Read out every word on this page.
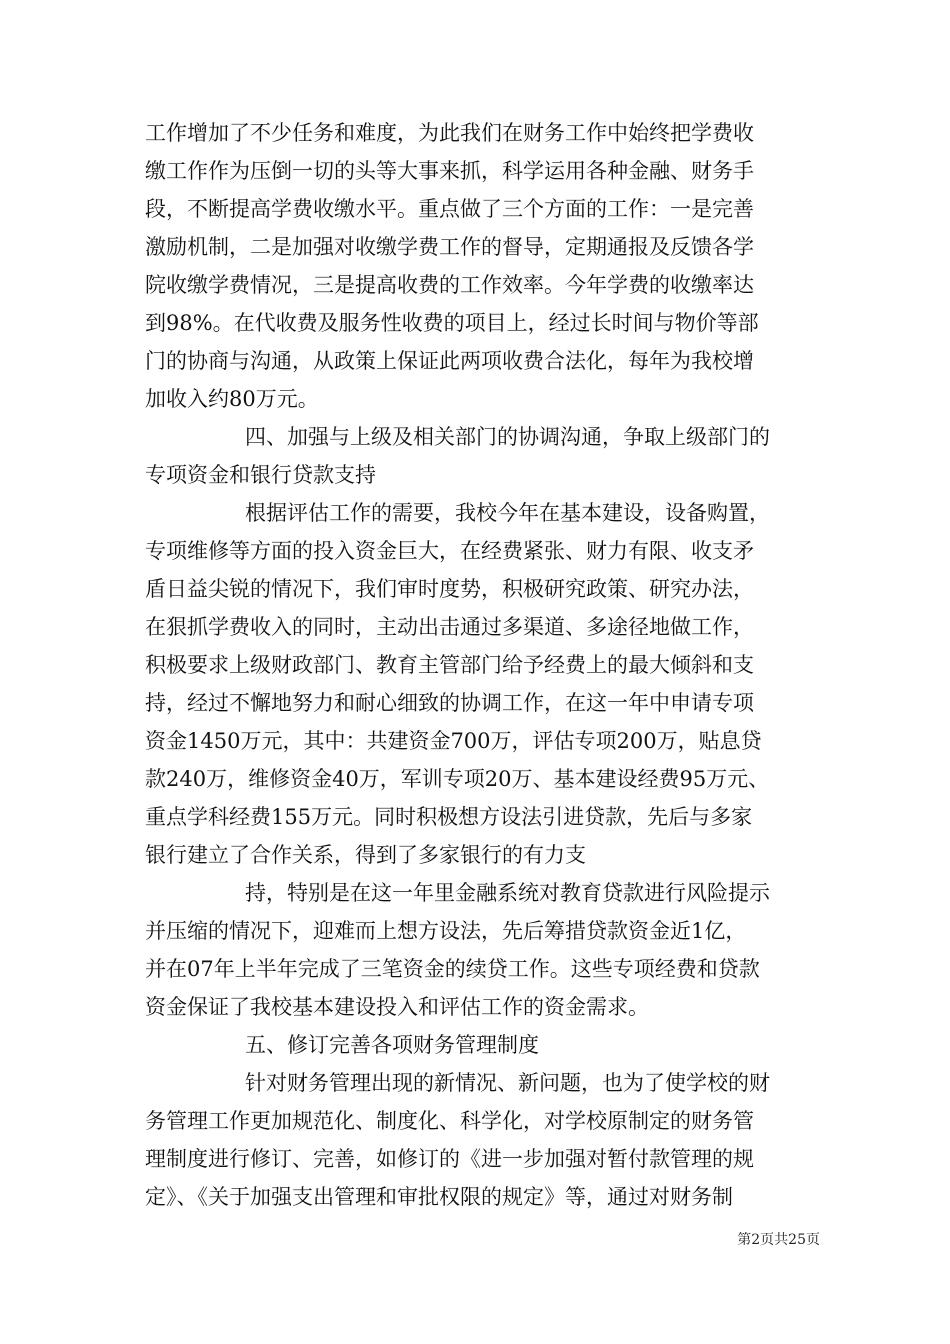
工作增加了不少任务和难度，为此我们在财务工作中始终把学费收
缴工作作为压倒一切的头等大事来抓，科学运用各种金融、财务手
段，不断提高学费收缴水平。重点做了三个方面的工作：一是完善
激励机制，二是加强对收缴学费工作的督导，定期通报及反馈各学
院收缴学费情况，三是提高收费的工作效率。今年学费的收缴率达
到98%。在代收费及服务性收费的项目上，经过长时间与物价等部
门的协商与沟通，从政策上保证此两项收费合法化，每年为我校增
加收入约80万元。
四、加强与上级及相关部门的协调沟通，争取上级部门的
专项资金和银行贷款支持
根据评估工作的需要，我校今年在基本建设，设备购置，
专项维修等方面的投入资金巨大，在经费紧张、财力有限、收支矛
盾日益尖锐的情况下，我们审时度势，积极研究政策、研究办法，
在狠抓学费收入的同时，主动出击通过多渠道、多途径地做工作，
积极要求上级财政部门、教育主管部门给予经费上的最大倾斜和支
持，经过不懈地努力和耐心细致的协调工作，在这一年中申请专项
资金1450万元，其中：共建资金700万，评估专项200万，贴息贷
款240万，维修资金40万，军训专项20万、基本建设经费95万元、
重点学科经费155万元。同时积极想方设法引进贷款，先后与多家
银行建立了合作关系，得到了多家银行的有力支
持，特别是在这一年里金融系统对教育贷款进行风险提示
并压缩的情况下，迎难而上想方设法，先后筹措贷款资金近1亿，
并在07年上半年完成了三笔资金的续贷工作。这些专项经费和贷款
资金保证了我校基本建设投入和评估工作的资金需求。
五、修订完善各项财务管理制度
针对财务管理出现的新情况、新问题，也为了使学校的财
务管理工作更加规范化、制度化、科学化，对学校原制定的财务管
理制度进行修订、完善，如修订的《进一步加强对暂付款管理的规
定》、《关于加强支出管理和审批权限的规定》等，通过对财务制
第2页共25页
